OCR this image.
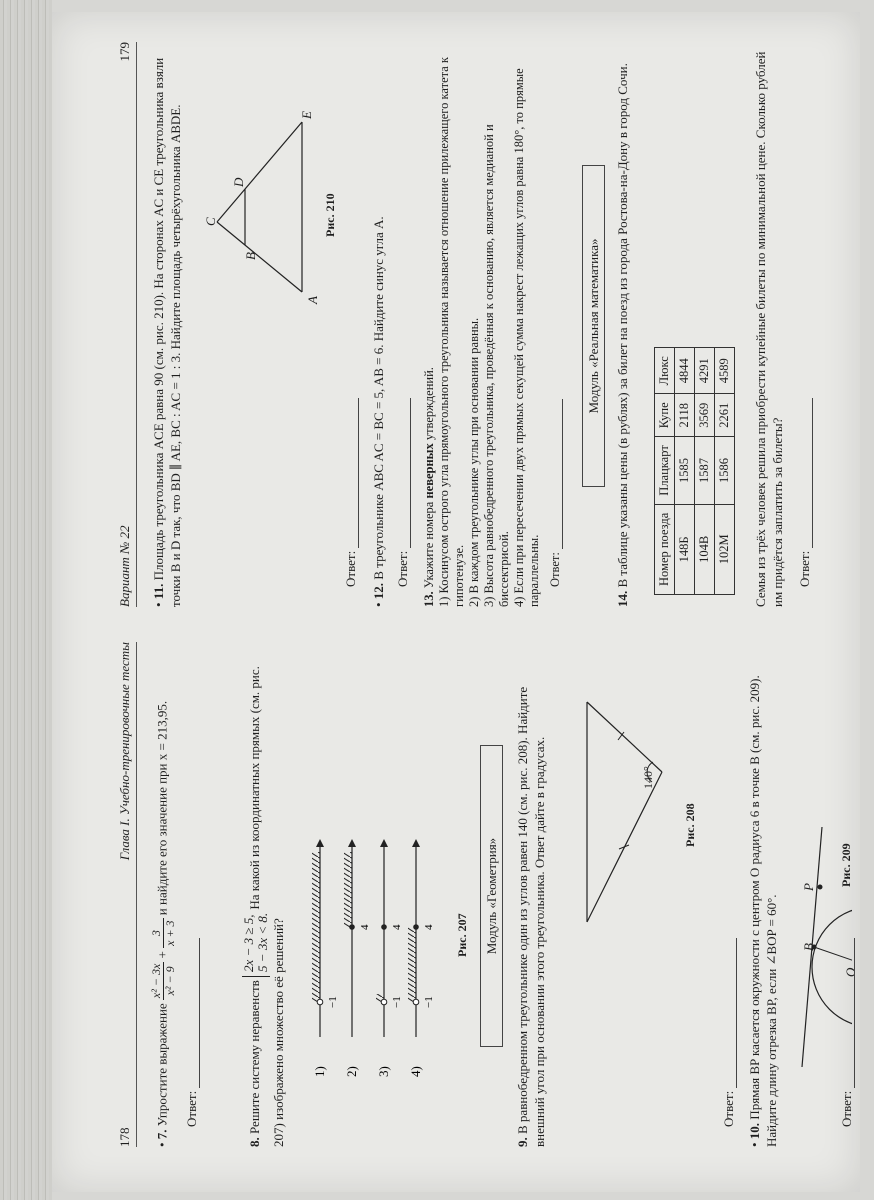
178
Глава I. Учебно-тренировочные тесты
• 7. Упростите выражение
x² − 3x x² − 9
+
3 x + 3
и найдите его значение при x = 213,95.
Ответ:
8. Решите систему неравенств
2x − 3 ≥ 5, 5 − 3x < 8.
На какой из координатных прямых (см. рис. 207) изображено множество её решений? 1) 2) 3) 4)
−1
4
−1
4
−1
4 Рис. 207	Модуль «Геометрия»
9. В равнобедренном треугольнике один из углов равен 140 (см. рис. 208). Найдите внешний угол при основании этого треугольника. Ответ дайте в градусах.	140°
Рис. 208
Ответ:
• 10. Прямая BP касается окружности с центром O радиуса 6 в точке B (см. рис. 209). Найдите длину отрезка BP, если ∠BOP = 60°.	O
B
P
Рис. 209
Ответ:
Вариант № 22
179
• 11. Площадь треугольника ACE равна 90 (см. рис. 210). На сторонах AC и CE треугольника взяли точки B и D так, что BD ∥ AE, BC : AC = 1 : 3. Найдите площадь четырёхугольника ABDE.	A
B
C
D
E
Рис. 210
Ответ:
• 12. В треугольнике ABC AC = BC = 5, AB = 6. Найдите синус угла A. Ответ:
13. Укажите номера неверных утверждений. 1) Косинусом острого угла прямоугольного треугольника называется отношение прилежащего катета к гипотенузе. 2) В каждом треугольнике углы при основании равны. 3) Высота равнобедренного треугольника, проведённая к основанию, является медианой и биссектрисой. 4) Если при пересечении двух прямых секущей сумма накрест лежащих углов равна 180°, то прямые параллельны. Ответ:
Модуль «Реальная математика»
14. В таблице указаны цены (в рублях) за билет на поезд из города Ростова-на-Дону в город Сочи. Номер поезда	Плацкарт	Купе	Люкс
148Б	1585	2118	4844
104В	1587	3569	4291
102М	1586	2261	4589 Семья из трёх человек решила приобрести купейные билеты по минимальной цене. Сколько рублей им придётся заплатить за билеты? Ответ:
